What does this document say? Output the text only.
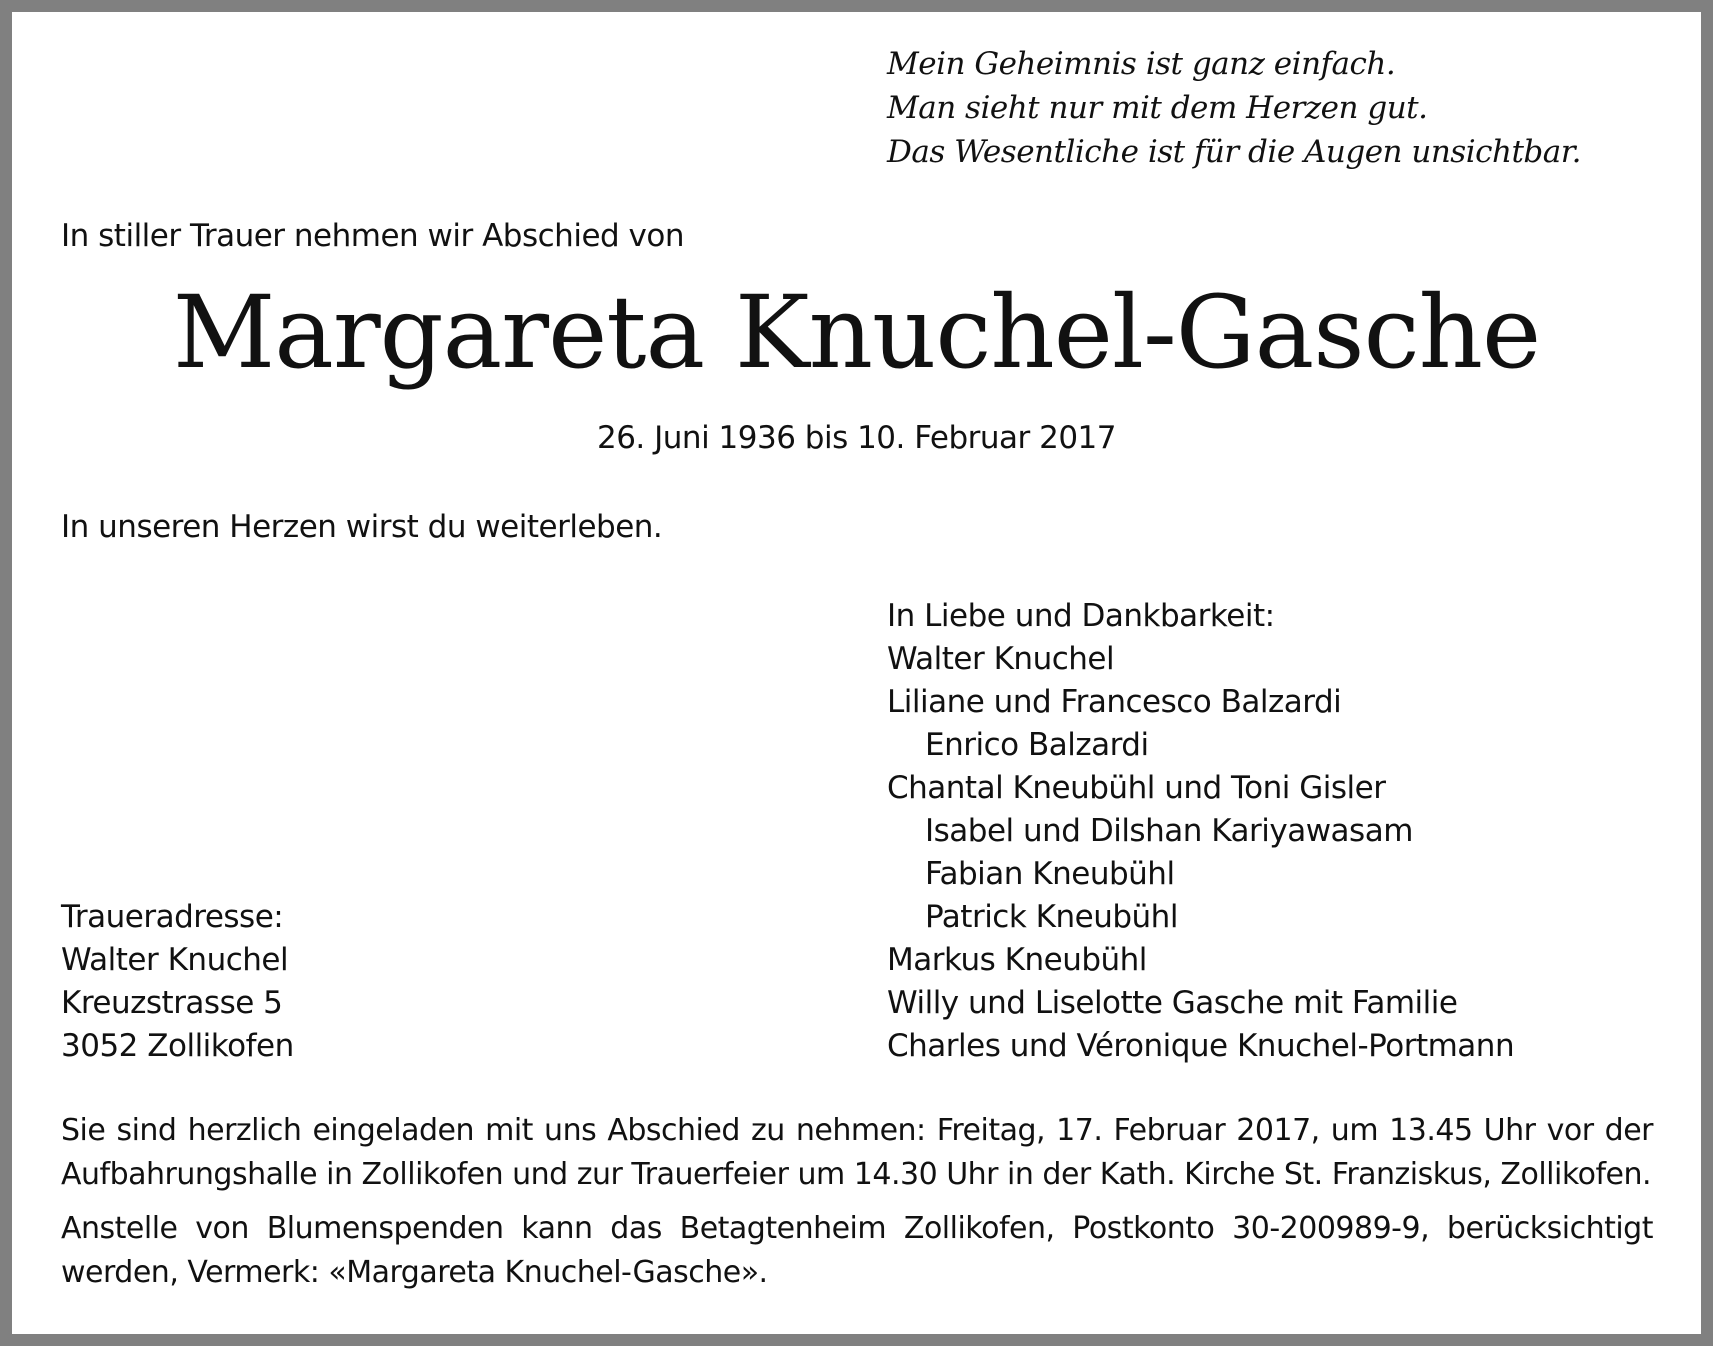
Mein Geheimnis ist ganz einfach.
Man sieht nur mit dem Herzen gut.
Das Wesentliche ist für die Augen unsichtbar.
In stiller Trauer nehmen wir Abschied von
Margareta Knuchel-Gasche
26. Juni 1936 bis 10. Februar 2017
In unseren Herzen wirst du weiterleben.
In Liebe und Dankbarkeit:
Walter Knuchel
Liliane und Francesco Balzardi
Enrico Balzardi
Chantal Kneubühl und Toni Gisler
Isabel und Dilshan Kariyawasam
Fabian Kneubühl
Patrick Kneubühl
Markus Kneubühl
Willy und Liselotte Gasche mit Familie
Charles und Véronique Knuchel-Portmann
Traueradresse:
Walter Knuchel
Kreuzstrasse 5
3052 Zollikofen
Sie sind herzlich eingeladen mit uns Abschied zu nehmen: Freitag, 17. Februar 2017, um 13.45 Uhr vor der Aufbahrungshalle in Zollikofen und zur Trauerfeier um 14.30 Uhr in der Kath. Kirche St. Franziskus, Zollikofen.
Anstelle von Blumenspenden kann das Betagtenheim Zollikofen, Postkonto 30-200989-9, berücksichtigt werden, Vermerk: «Margareta Knuchel-Gasche».
